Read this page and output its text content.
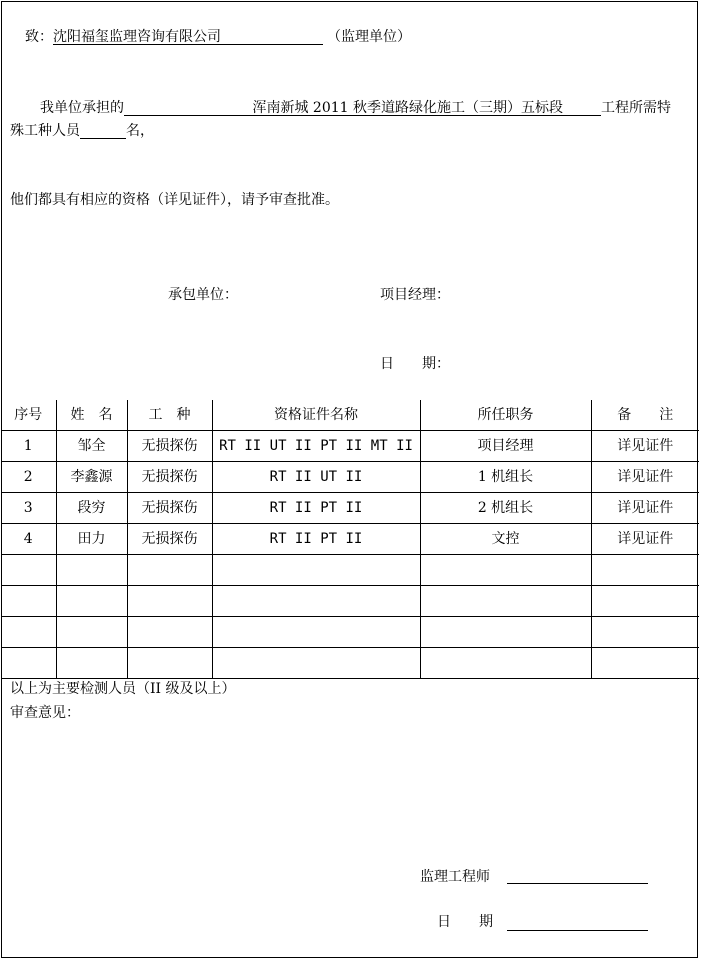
致：沈阳福玺监理咨询有限公司	（监理单位）
我单位承担的	浑南新城 2011 秋季道路绿化施工（三期）五标段	工程所需特
殊工种人员	名，
他们都具有相应的资格（详见证件），请予审查批准。
承包单位：	项目经理：
日　　期：
序号	姓　名	工　种	资格证件名称	所任职务	备　　注
1	邹全	无损探伤	RT II UT II PT II MT II	项目经理	详见证件
2	李鑫源	无损探伤	RT II UT II	1 机组长	详见证件
3	段穷	无损探伤	RT II PT II	2 机组长	详见证件
4	田力	无损探伤	RT II PT II	文控	详见证件

以上为主要检测人员（II 级及以上）
审查意见：
监理工程师
日　　期
